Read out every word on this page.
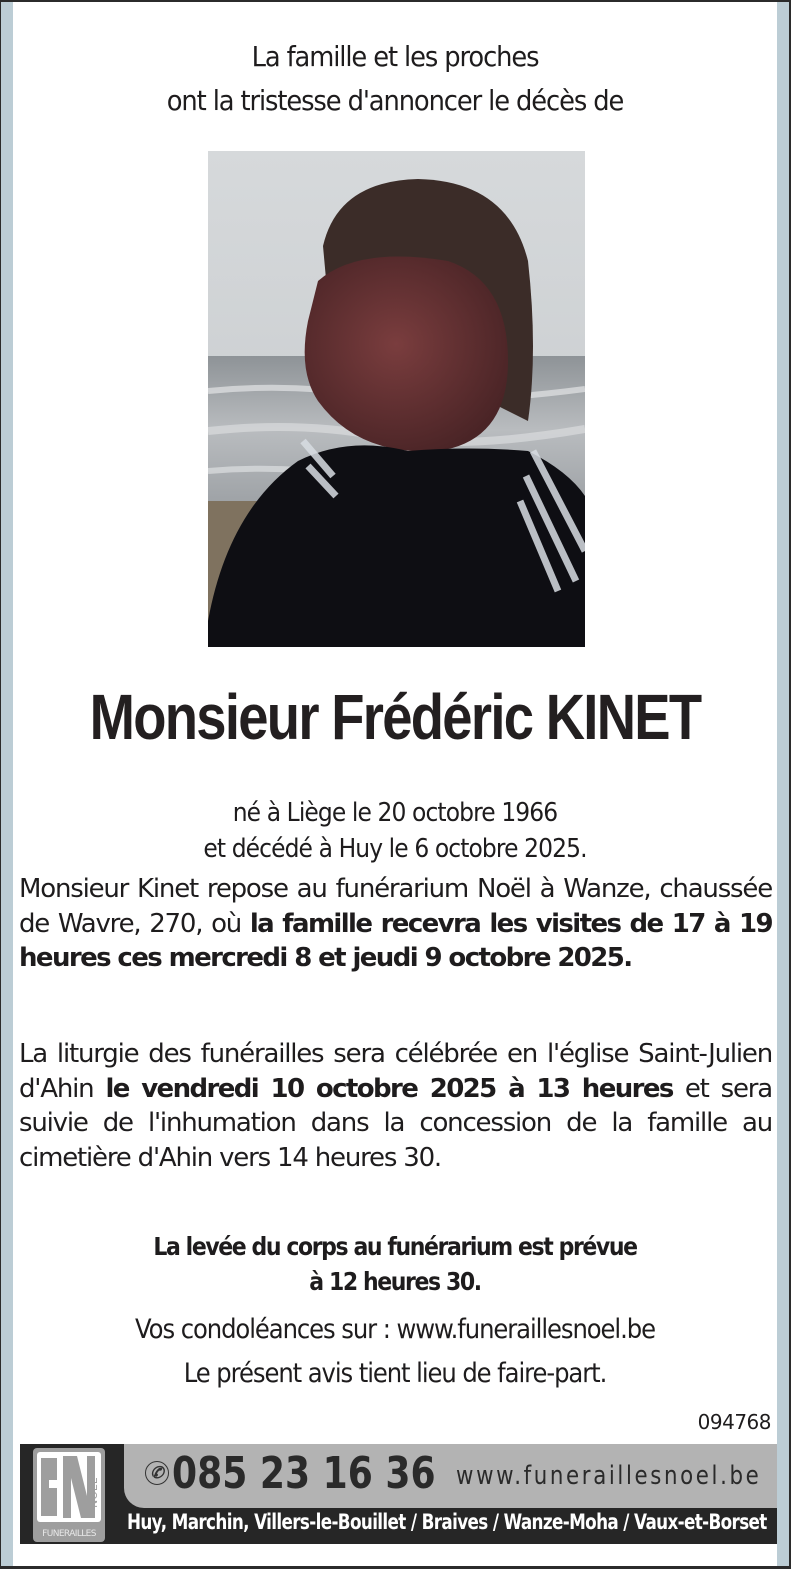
La famille et les proches
ont la tristesse d'annoncer le décès de
Monsieur Frédéric KINET
né à Liège le 20 octobre 1966
et décédé à Huy le 6 octobre 2025.
Monsieur Kinet repose au funérarium Noël à Wanze, chaussée de Wavre, 270, où la famille recevra les visites de 17 à 19 heures ces mercredi 8 et jeudi 9 octobre 2025.
La liturgie des funérailles sera célébrée en l'église Saint-Julien d'Ahin le vendredi 10 octobre 2025 à 13 heures et sera suivie de l'inhumation dans la concession de la famille au cimetière d'Ahin vers 14 heures 30.
La levée du corps au funérarium est prévue
à 12 heures 30.
Vos condoléances sur : www.funeraillesnoel.be
Le présent avis tient lieu de faire-part.
094768
NOEL
FUNERAILLES
✆ 085 23 16 36 www.funeraillesnoel.be
Huy, Marchin, Villers-le-Bouillet / Braives / Wanze-Moha / Vaux-et-Borset
